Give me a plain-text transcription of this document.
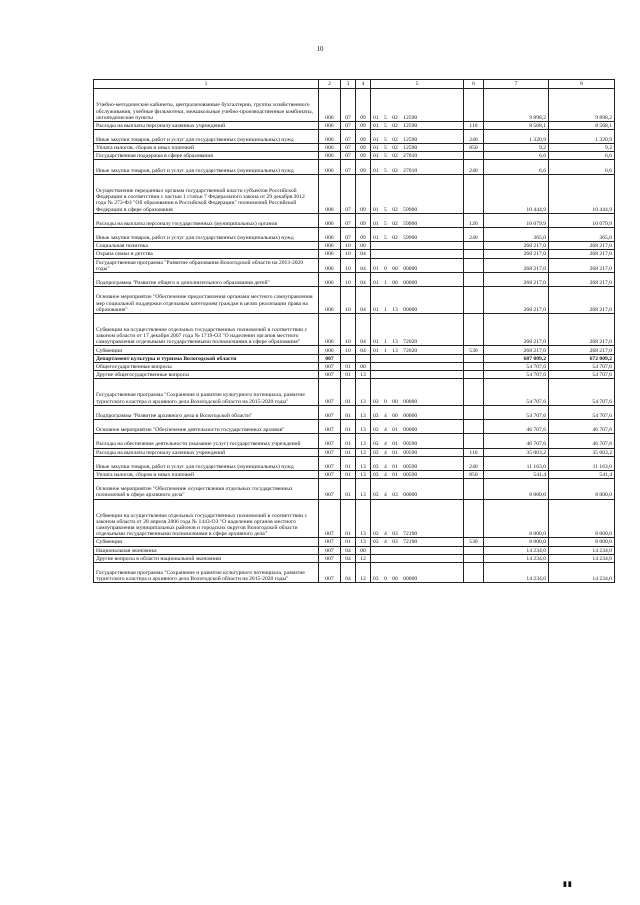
10
1	2	3	4	5	6	7	8
Учебно-методические кабинеты, централизованные бухгалтерии, группы хозяйственного обслуживания, учебные фильмотеки, межшкольные учебно-производственные комбинаты, логопедические пункты	006	07	09	01 5 02 12590		9 898,2	9 898,2
Расходы на выплаты персоналу казенных учреждений	006	07	09	01 5 02 12590	110	8 568,1	8 568,1
Иные закупки товаров, работ и услуг для государственных (муниципальных) нужд	006	07	09	01 5 02 12590	240	1 320,9	1 320,9
Уплата налогов, сборов и иных платежей	006	07	09	01 5 02 12590	850	9,2	9,2
Государственная поддержка в сфере образования	006	07	09	01 5 02 27010		6,6	6,6
Иные закупки товаров, работ и услуг для государственных (муниципальных) нужд	006	07	09	01 5 02 27010	240	6,6	6,6
Осуществление переданных органам государственной власти субъектов Российской Федерации в соответствии с частью 1 статьи 7 Федерального закона от 29 декабря 2012 года № 273-ФЗ "Об образовании в Российской Федерации" полномочий Российской Федерации в сфере образования	006	07	09	01 5 02 59900		10 444,9	10 444,9
Расходы на выплаты персоналу государственных (муниципальных) органов	006	07	09	01 5 02 59900	120	10 079,9	10 079,9
Иные закупки товаров, работ и услуг для государственных (муниципальных) нужд	006	07	09	01 5 02 59900	240	365,0	365,0
Социальная политика	006	10	00			268 217,0	268 217,0
Охрана семьи и детства	006	10	04			268 217,0	268 217,0
Государственная программа "Развитие образования Вологодской области на 2013-2020 годы"	006	10	04	01 0 00 00000		268 217,0	268 217,0
Подпрограмма "Развитие общего и дополнительного образования детей"	006	10	04	01 1 00 00000		268 217,0	268 217,0
Основное мероприятие "Обеспечение предоставления органами местного самоуправления мер социальной поддержки отдельным категориям граждан в целях реализации права на образование"	006	10	04	01 1 13 00000		268 217,0	268 217,0
Субвенции на осуществление отдельных государственных полномочий в соответствии с законом области от 17 декабря 2007 года № 1719-ОЗ "О наделении органов местного самоуправления отдельными государственными полномочиями в сфере образования"	006	10	04	01 1 13 72020		268 217,0	268 217,0
Субвенции	006	10	04	01 1 13 72020	530	268 217,0	268 217,0
Департамент культуры и туризма Вологодской области	007					687 009,2	672 009,2
Общегосударственные вопросы	007	01	00			54 707,6	54 707,6
Другие общегосударственные вопросы	007	01	13			54 707,6	54 707,6
Государственная программа "Сохранение и развитие культурного потенциала, развитие туристского кластера и архивного дела Вологодской области на 2015-2020 годы"	007	01	13	03 0 00 00000		54 707,6	54 707,6
Подпрограмма "Развитие архивного дела в Вологодской области"	007	01	13	03 4 00 00000		54 707,6	54 707,6
Основное мероприятие "Обеспечение деятельности государственных архивов"	007	01	13	03 4 01 00000		46 707,6	46 707,6
Расходы на обеспечение деятельности (оказание услуг) государственных учреждений	007	01	13	03 4 01 00590		46 707,6	46 707,6
Расходы на выплаты персоналу казенных учреждений	007	01	13	03 4 01 00590	110	35 003,2	35 003,2
Иные закупки товаров, работ и услуг для государственных (муниципальных) нужд	007	01	13	03 4 01 00590	240	11 163,0	11 163,0
Уплата налогов, сборов и иных платежей	007	01	13	03 4 01 00590	850	541,4	541,4
Основное мероприятие "Обеспечение осуществления отдельных государственных полномочий в сфере архивного дела"	007	01	13	03 4 03 00000		8 000,0	8 000,0
Субвенции на осуществление отдельных государственных полномочий в соответствии с законом области от 28 апреля 2006 года № 1443-ОЗ "О наделении органов местного самоуправления муниципальных районов и городских округов Вологодской области отдельными государственными полномочиями в сфере архивного дела"	007	01	13	03 4 03 72190		8 000,0	8 000,0
Субвенции	007	01	13	03 4 03 72190	530	8 000,0	8 000,0
Национальная экономика	007	04	00			14 234,0	14 234,0
Другие вопросы в области национальной экономики	007	04	12			14 234,0	14 234,0
Государственная программа "Сохранение и развитие культурного потенциала, развитие туристского кластера и архивного дела Вологодской области на 2015-2020 годы"	007	04	12	03 0 00 00000		14 234,0	14 234,0
▮▮
